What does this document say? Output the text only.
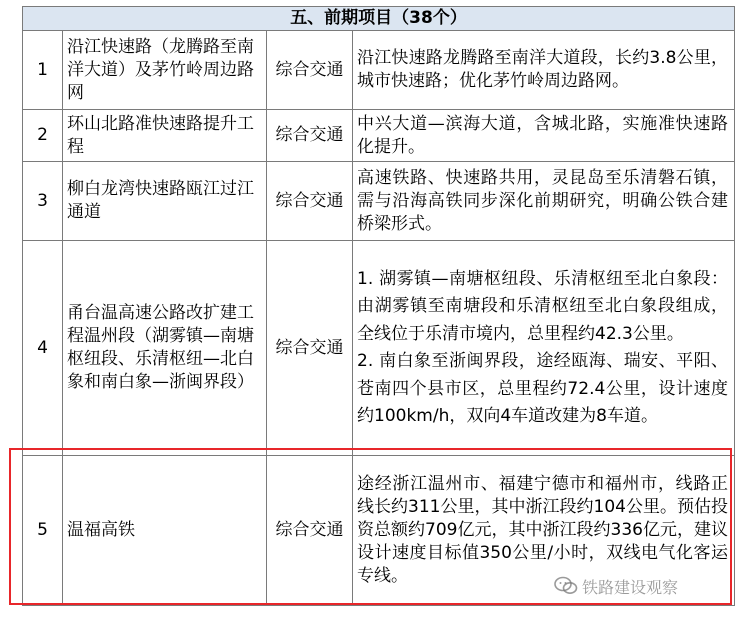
五、前期项目（38个）			
1	沿江快速路（龙腾路至南洋大道）及茅竹岭周边路网	综合交通	沿江快速路龙腾路至南洋大道段，长约3.8公里，城市快速路；优化茅竹岭周边路网。
2	环山北路准快速路提升工程	综合交通	中兴大道—滨海大道，含城北路，实施准快速路化提升。
3	柳白龙湾快速路瓯江过江通道	综合交通	高速铁路、快速路共用，灵昆岛至乐清磐石镇，需与沿海高铁同步深化前期研究，明确公铁合建桥梁形式。
4	甬台温高速公路改扩建工程温州段（湖雾镇—南塘枢纽段、乐清枢纽—北白象和南白象—浙闽界段）	综合交通	1. 湖雾镇—南塘枢纽段、乐清枢纽至北白象段：由湖雾镇至南塘段和乐清枢纽至北白象段组成，全线位于乐清市境内，总里程约42.3公里。
2. 南白象至浙闽界段，途经瓯海、瑞安、平阳、苍南四个县市区，总里程约72.4公里，设计速度约100km/h，双向4车道改建为8车道。

5	温福高铁	综合交通	途经浙江温州市、福建宁德市和福州市，线路正线长约311公里，其中浙江段约104公里。预估投资总额约709亿元，其中浙江段约336亿元，建议设计速度目标值350公里/小时，双线电气化客运专线。
铁路建设观察
